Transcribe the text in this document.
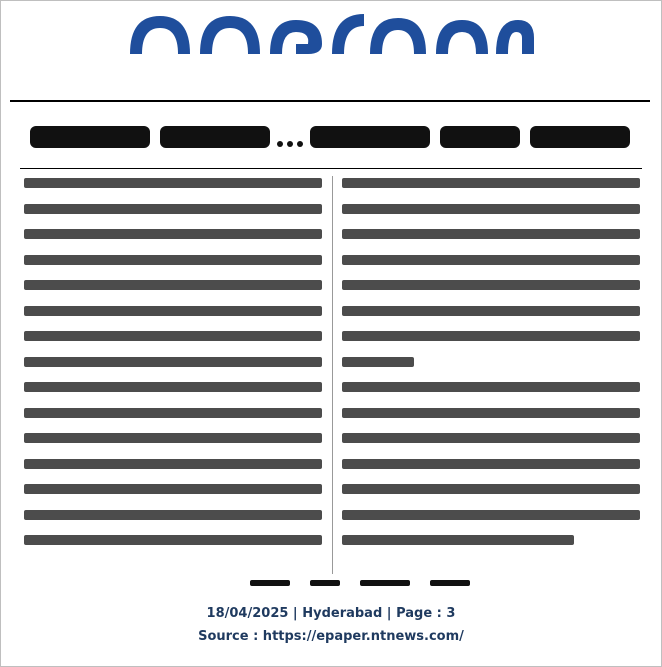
18/04/2025 | Hyderabad | Page : 3
Source : https://epaper.ntnews.com/
